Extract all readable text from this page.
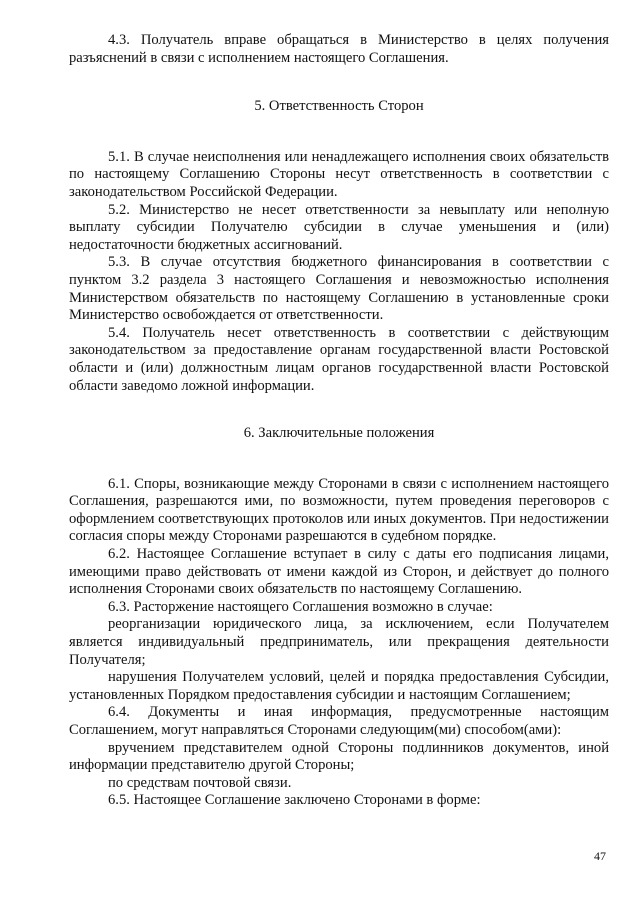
4.3. Получатель вправе обращаться в Министерство в целях получения разъяснений в связи с исполнением настоящего Соглашения.

5. Ответственность Сторон

5.1. В случае неисполнения или ненадлежащего исполнения своих обязательств по настоящему Соглашению Стороны несут ответственность в соответствии с законодательством Российской Федерации.

5.2. Министерство не несет ответственности за невыплату или неполную выплату субсидии Получателю субсидии в случае уменьшения и (или) недостаточности бюджетных ассигнований.

5.3. В случае отсутствия бюджетного финансирования в соответствии с пунктом 3.2 раздела 3 настоящего Соглашения и невозможностью исполнения Министерством обязательств по настоящему Соглашению в установленные сроки Министерство освобождается от ответственности.

5.4. Получатель несет ответственность в соответствии с действующим законодательством за предоставление органам государственной власти Ростовской области и (или) должностным лицам органов государственной власти Ростовской области заведомо ложной информации.

6. Заключительные положения

6.1. Споры, возникающие между Сторонами в связи с исполнением настоящего Соглашения, разрешаются ими, по возможности, путем проведения переговоров с оформлением соответствующих протоколов или иных документов. При недостижении согласия споры между Сторонами разрешаются в судебном порядке.

6.2. Настоящее Соглашение вступает в силу с даты его подписания лицами, имеющими право действовать от имени каждой из Сторон, и действует до полного исполнения Сторонами своих обязательств по настоящему Соглашению.

6.3. Расторжение настоящего Соглашения возможно в случае:

реорганизации юридического лица, за исключением, если Получателем является индивидуальный предприниматель, или прекращения деятельности Получателя;

нарушения Получателем условий, целей и порядка предоставления Субсидии, установленных Порядком предоставления субсидии и настоящим Соглашением;

6.4. Документы и иная информация, предусмотренные настоящим Соглашением, могут направляться Сторонами следующим(ми) способом(ами):

вручением представителем одной Стороны подлинников документов, иной информации представителю другой Стороны;

по средствам почтовой связи.

6.5. Настоящее Соглашение заключено Сторонами в форме:

47
